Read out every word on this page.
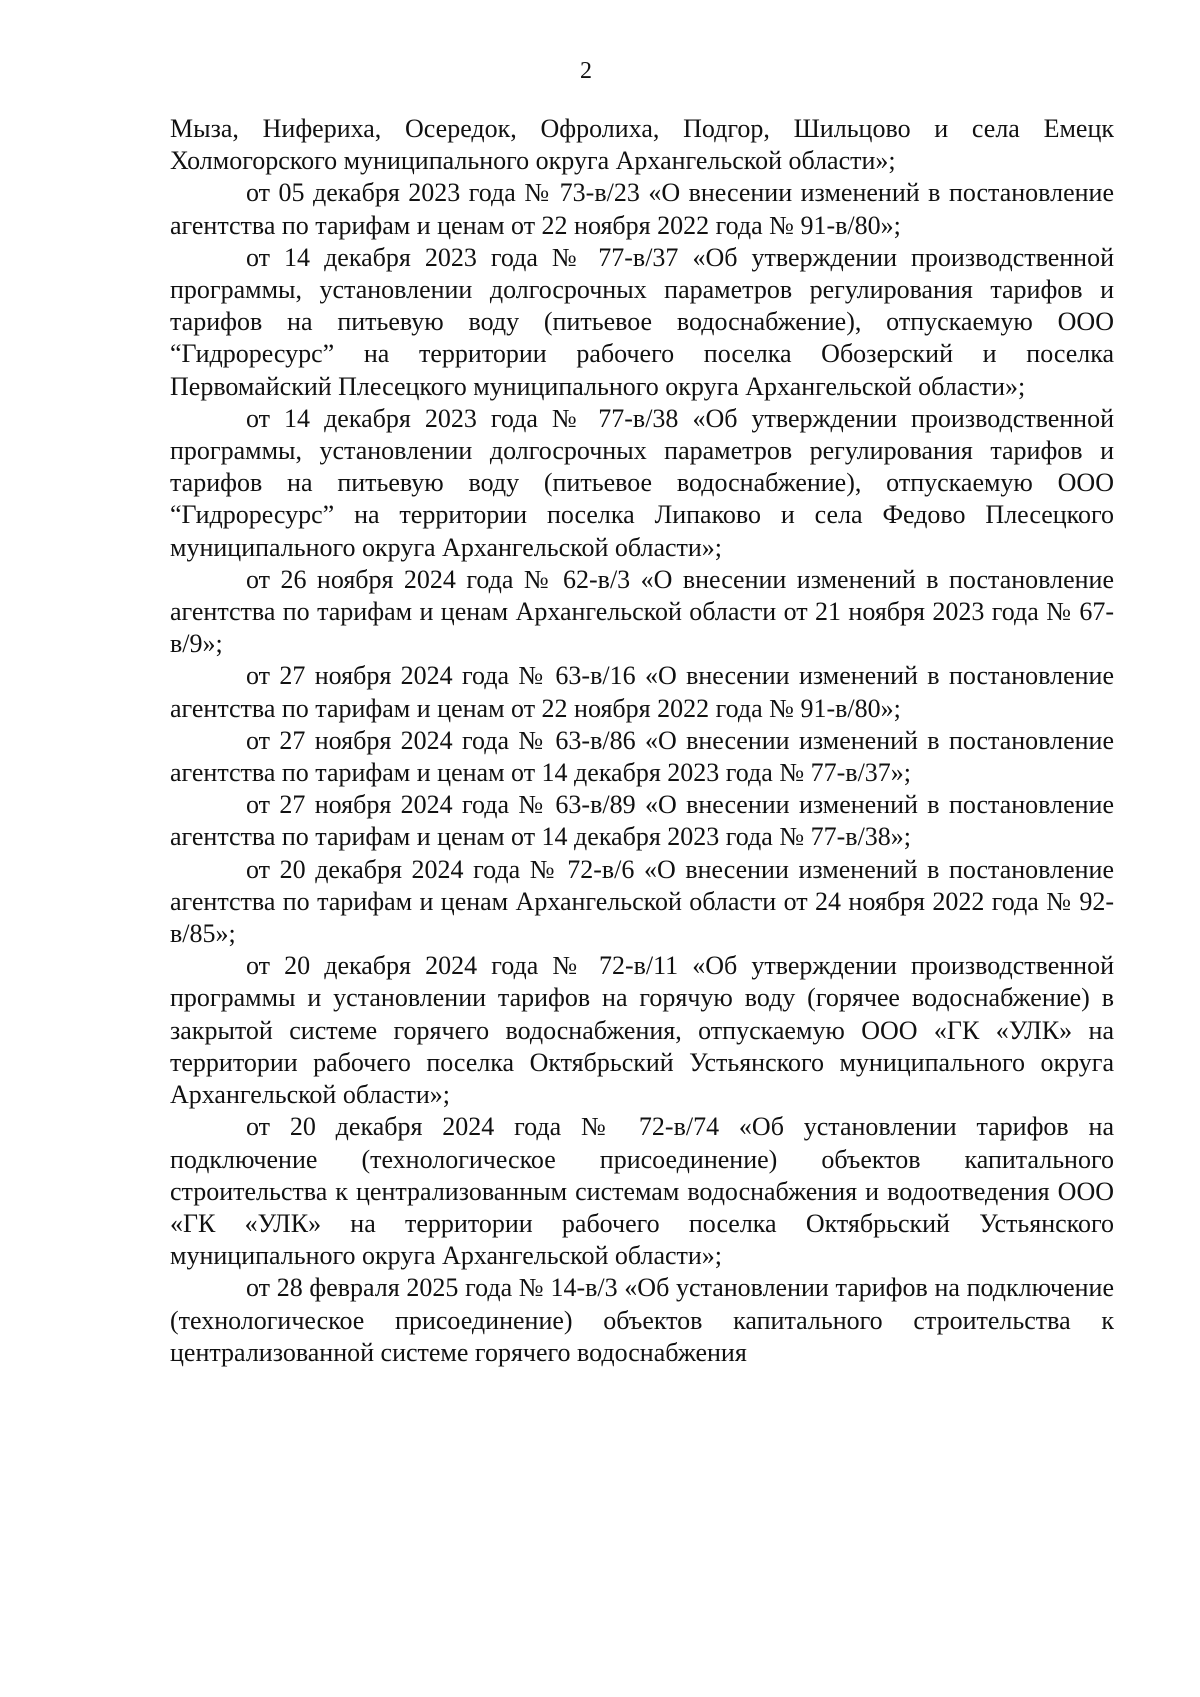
2

Мыза, Нифериха, Осередок, Офролиха, Подгор, Шильцово и села Емецк Холмогорского муниципального округа Архангельской области»;

от 05 декабря 2023 года № 73-в/23 «О внесении изменений в постановление агентства по тарифам и ценам от 22 ноября 2022 года № 91-в/80»;

от 14 декабря 2023 года № 77-в/37 «Об утверждении производственной программы, установлении долгосрочных параметров регулирования тарифов и тарифов на питьевую воду (питьевое водоснабжение), отпускаемую ООО “Гидроресурс” на территории рабочего поселка Обозерский и поселка Первомайский Плесецкого муниципального округа Архангельской области»;

от 14 декабря 2023 года № 77-в/38 «Об утверждении производственной программы, установлении долгосрочных параметров регулирования тарифов и тарифов на питьевую воду (питьевое водоснабжение), отпускаемую ООО “Гидроресурс” на территории поселка Липаково и села Федово Плесецкого муниципального округа Архангельской области»;

от 26 ноября 2024 года № 62-в/3 «О внесении изменений в постановление агентства по тарифам и ценам Архангельской области от 21 ноября 2023 года № 67-в/9»;

от 27 ноября 2024 года № 63-в/16 «О внесении изменений в постановление агентства по тарифам и ценам от 22 ноября 2022 года № 91-в/80»;

от 27 ноября 2024 года № 63-в/86 «О внесении изменений в постановление агентства по тарифам и ценам от 14 декабря 2023 года № 77-в/37»;

от 27 ноября 2024 года № 63-в/89 «О внесении изменений в постановление агентства по тарифам и ценам от 14 декабря 2023 года № 77-в/38»;

от 20 декабря 2024 года № 72-в/6 «О внесении изменений в постановление агентства по тарифам и ценам Архангельской области от 24 ноября 2022 года № 92-в/85»;

от 20 декабря 2024 года № 72-в/11 «Об утверждении производственной программы и установлении тарифов на горячую воду (горячее водоснабжение) в закрытой системе горячего водоснабжения, отпускаемую ООО «ГК «УЛК» на территории рабочего поселка Октябрьский Устьянского муниципального округа Архангельской области»;

от 20 декабря 2024 года № 72-в/74 «Об установлении тарифов на подключение (технологическое присоединение) объектов капитального строительства к централизованным системам водоснабжения и водоотведения ООО «ГК «УЛК» на территории рабочего поселка Октябрьский Устьянского муниципального округа Архангельской области»;

от 28 февраля 2025 года № 14-в/3 «Об установлении тарифов на подключение (технологическое присоединение) объектов капитального строительства к централизованной системе горячего водоснабжения
